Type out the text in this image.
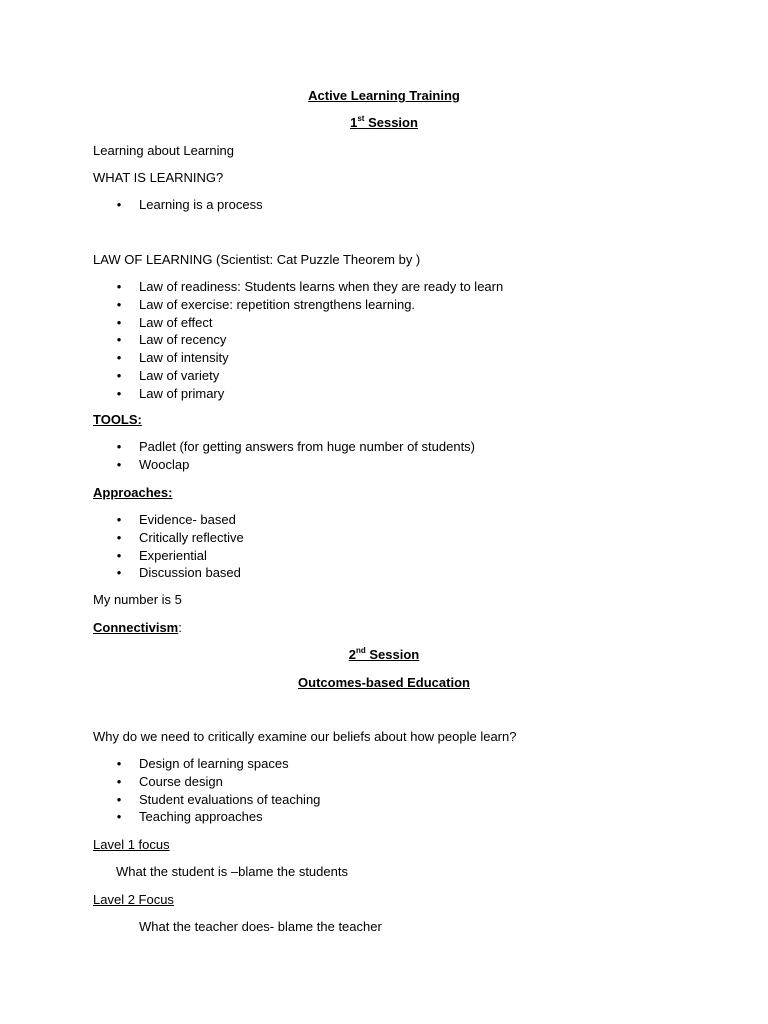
Active Learning Training
1st Session
Learning about Learning
WHAT IS LEARNING?
• Learning is a process
LAW OF LEARNING (Scientist: Cat Puzzle Theorem by )
• Law of readiness: Students learns when they are ready to learn
• Law of exercise: repetition strengthens learning.
• Law of effect
• Law of recency
• Law of intensity
• Law of variety
• Law of primary
TOOLS:
• Padlet (for getting answers from huge number of students)
• Wooclap
Approaches:
• Evidence- based
• Critically reflective
• Experiential
• Discussion based
My number is 5
Connectivism:
2nd Session
Outcomes-based Education
Why do we need to critically examine our beliefs about how people learn?
• Design of learning spaces
• Course design
• Student evaluations of teaching
• Teaching approaches
Lavel 1 focus
What the student is –blame the students
Lavel 2 Focus
What the teacher does- blame the teacher
